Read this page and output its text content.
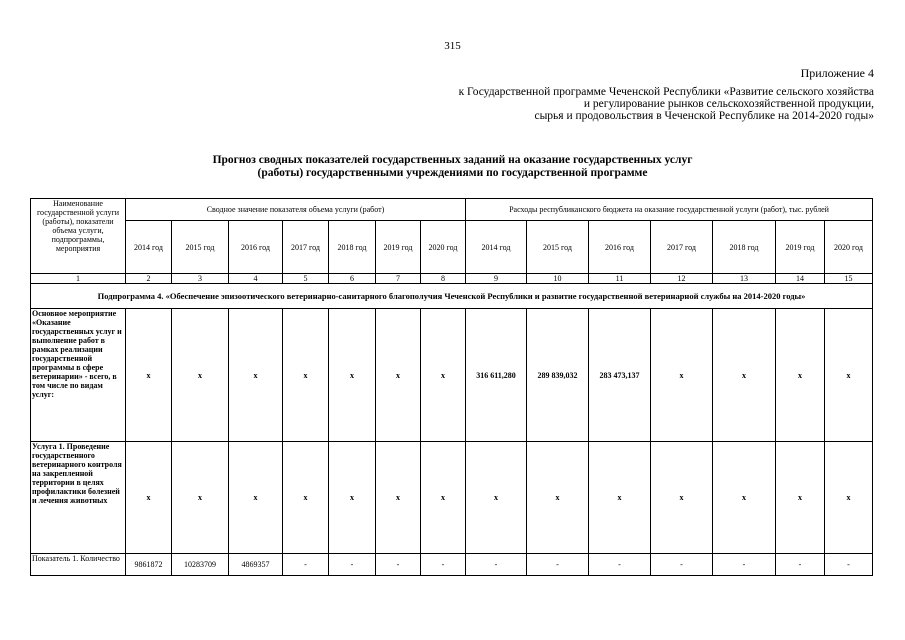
315
Приложение 4
к Государственной программе Чеченской Республики «Развитие сельского хозяйства
и регулирование рынков сельскохозяйственной продукции,
сырья и продовольствия в Чеченской Республике на 2014-2020 годы»
Прогноз сводных показателей государственных заданий на оказание государственных услуг
(работы) государственными учреждениями по государственной программе
Наименование государственной услуги (работы), показатели объема услуги, подпрограммы, мероприятия	Сводное значение показателя объема услуги (работ)							Расходы республиканского бюджета на оказание государственной услуги (работ), тыс. рублей						
	2014 год	2015 год	2016 год	2017 год	2018 год	2019 год	2020 год	2014 год	2015 год	2016 год	2017 год	2018 год	2019 год	2020 год
1	2	3	4	5	6	7	8	9	10	11	12	13	14	15
Подпрограмма 4. «Обеспечение эпизоотического ветеринарно-санитарного благополучия Чеченской Республики и развитие государственной ветеринарной службы на 2014-2020 годы»														
Основное мероприятие «Оказание государственных услуг и выполнение работ в рамках реализации государственной программы в сфере ветеринарии» - всего, в том числе по видам услуг:	х	х	х	х	х	х	х	316 611,280	289 839,032	283 473,137	х	х	х	х
Услуга 1. Проведение государственного ветеринарного контроля на закрепленной территории в целях профилактики болезней и лечения животных	х	х	х	х	х	х	х	х	х	х	х	х	х	х
Показатель 1. Количество	9861872	10283709	4869357	-	-	-	-	-	-	-	-	-	-	-
